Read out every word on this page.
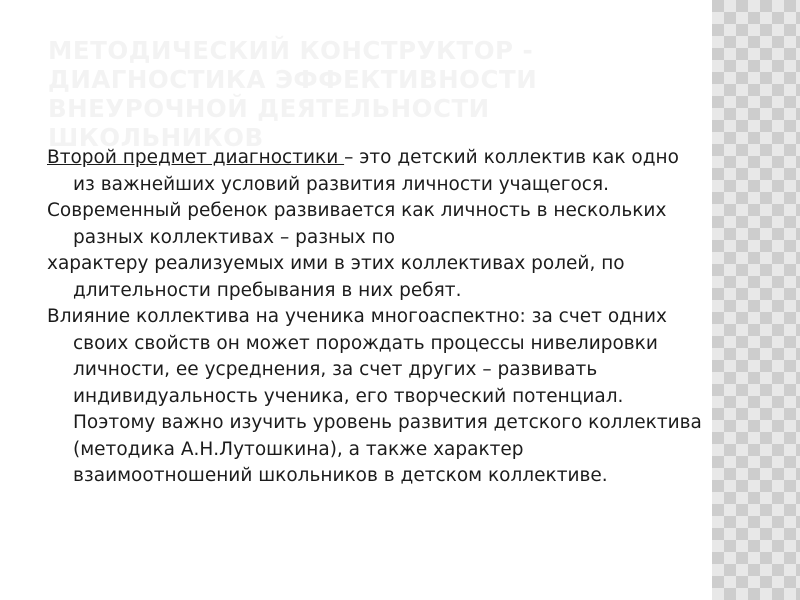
МЕТОДИЧЕСКИЙ КОНСТРУКТОР - ДИАГНОСТИКА ЭФФЕКТИВНОСТИ ВНЕУРОЧНОЙ ДЕЯТЕЛЬНОСТИ ШКОЛЬНИКОВ

Второй предмет диагностики – это детский коллектив как одно из важнейших условий развития личности учащегося.

Современный ребенок развивается как личность в нескольких разных коллективах – разных по

характеру реализуемых ими в этих коллективах ролей, по длительности пребывания в них ребят.

Влияние коллектива на ученика многоаспектно: за счет одних своих свойств он может порождать процессы нивелировки личности, ее усреднения, за счет других – развивать индивидуальность ученика, его творческий потенциал. Поэтому важно изучить уровень развития детского коллектива (методика А.Н.Лутошкина), а также характер взаимоотношений школьников в детском коллективе.
